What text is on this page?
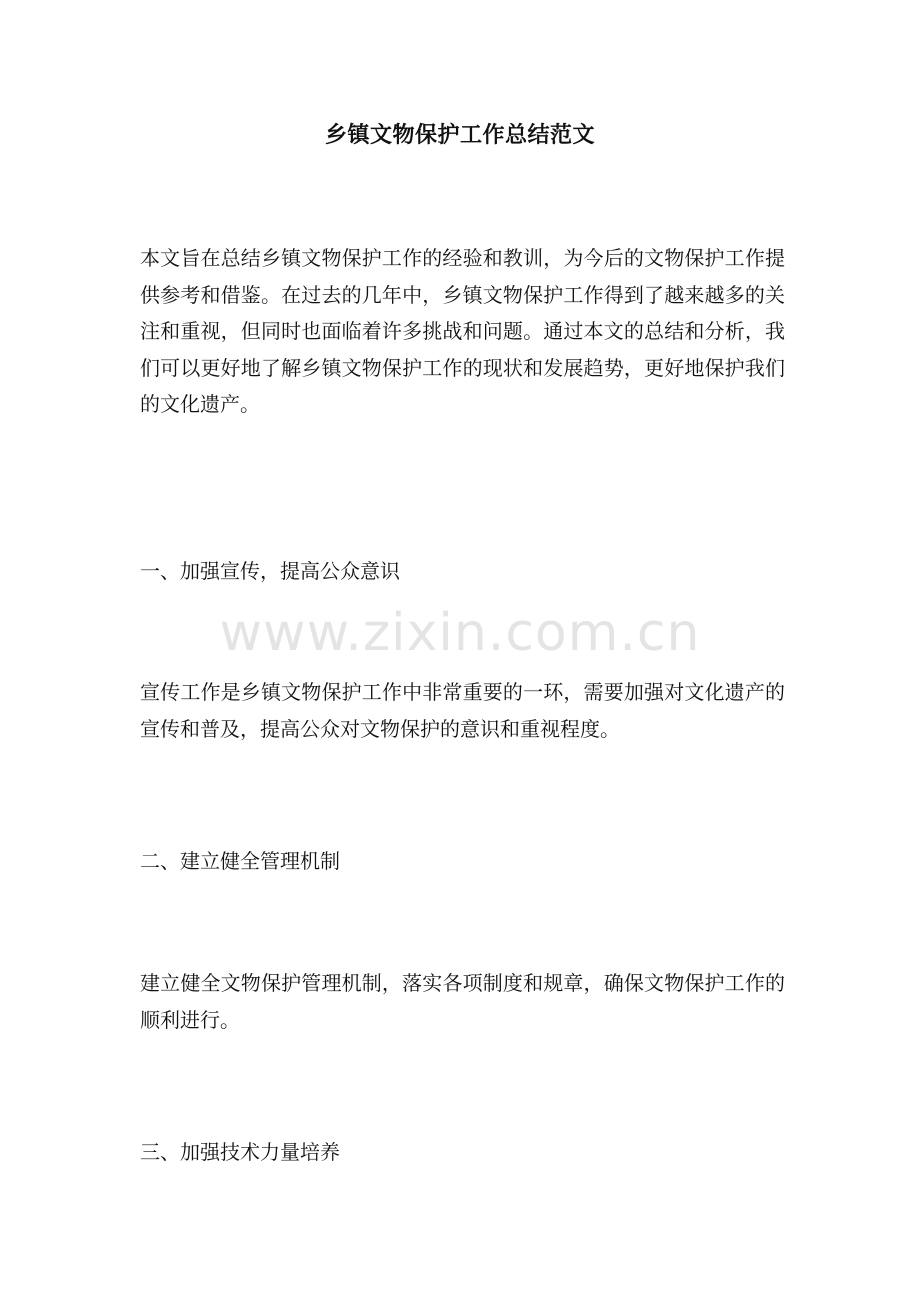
乡镇文物保护工作总结范文

本文旨在总结乡镇文物保护工作的经验和教训，为今后的文物保护工作提供参考和借鉴。在过去的几年中，乡镇文物保护工作得到了越来越多的关注和重视，但同时也面临着许多挑战和问题。通过本文的总结和分析，我们可以更好地了解乡镇文物保护工作的现状和发展趋势，更好地保护我们的文化遗产。

一、加强宣传，提高公众意识

www.zixin.com.cn

宣传工作是乡镇文物保护工作中非常重要的一环，需要加强对文化遗产的宣传和普及，提高公众对文物保护的意识和重视程度。

二、建立健全管理机制

建立健全文物保护管理机制，落实各项制度和规章，确保文物保护工作的顺利进行。

三、加强技术力量培养
